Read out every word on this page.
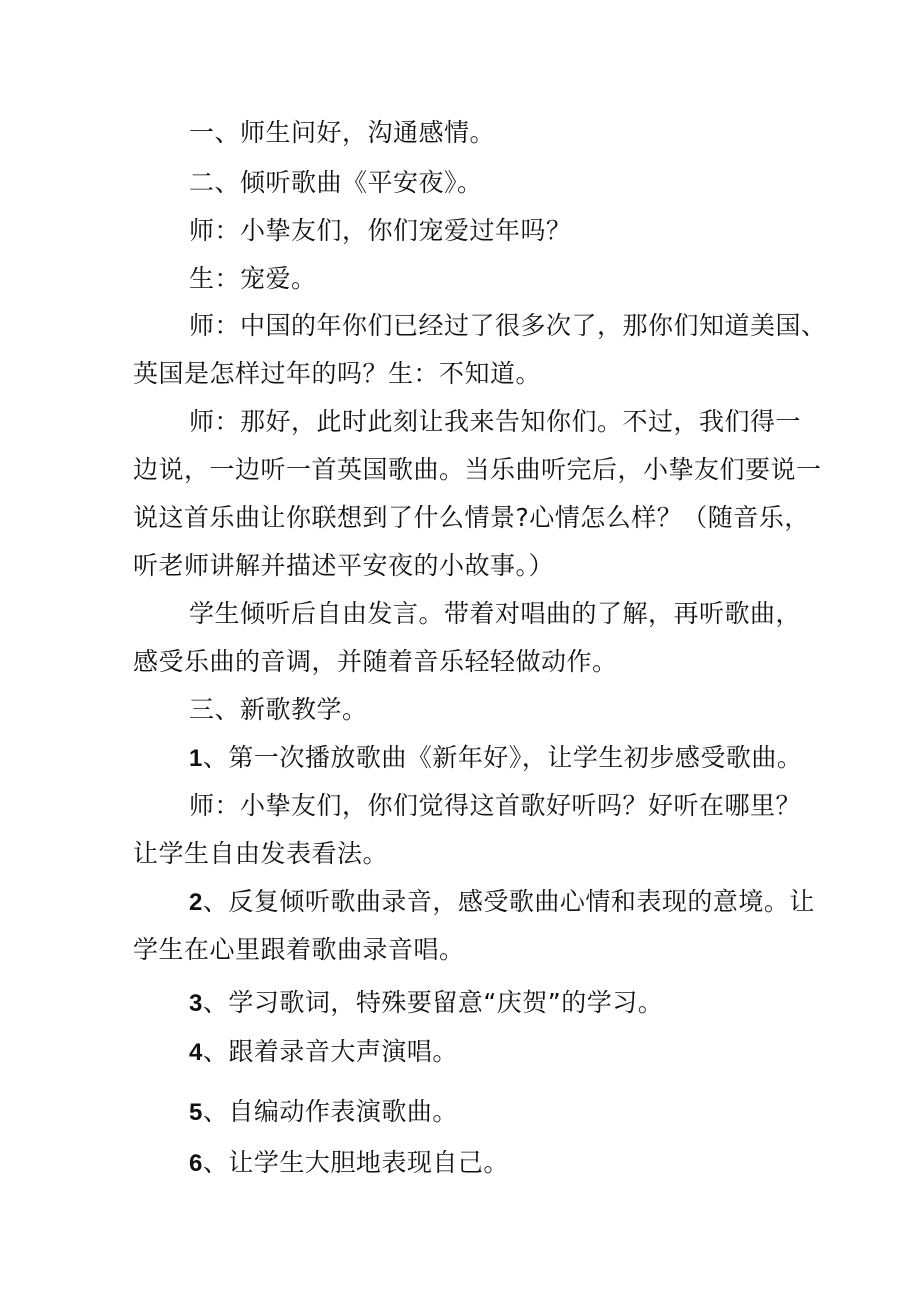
一、师生问好，沟通感情。
二、倾听歌曲《平安夜》。
师：小挚友们，你们宠爱过年吗？
生：宠爱。
师：中国的年你们已经过了很多次了，那你们知道美国、
英国是怎样过年的吗？生：不知道。
师：那好，此时此刻让我来告知你们。不过，我们得一
边说，一边听一首英国歌曲。当乐曲听完后，小挚友们要说一
说这首乐曲让你联想到了什么情景?心情怎么样？（随音乐，
听老师讲解并描述平安夜的小故事。）
学生倾听后自由发言。带着对唱曲的了解，再听歌曲，
感受乐曲的音调，并随着音乐轻轻做动作。
三、新歌教学。
1、第一次播放歌曲《新年好》，让学生初步感受歌曲。
师：小挚友们，你们觉得这首歌好听吗？好听在哪里？
让学生自由发表看法。
2、反复倾听歌曲录音，感受歌曲心情和表现的意境。让
学生在心里跟着歌曲录音唱。
3、学习歌词，特殊要留意“庆贺”的学习。
4、跟着录音大声演唱。
5、自编动作表演歌曲。
6、让学生大胆地表现自己。
